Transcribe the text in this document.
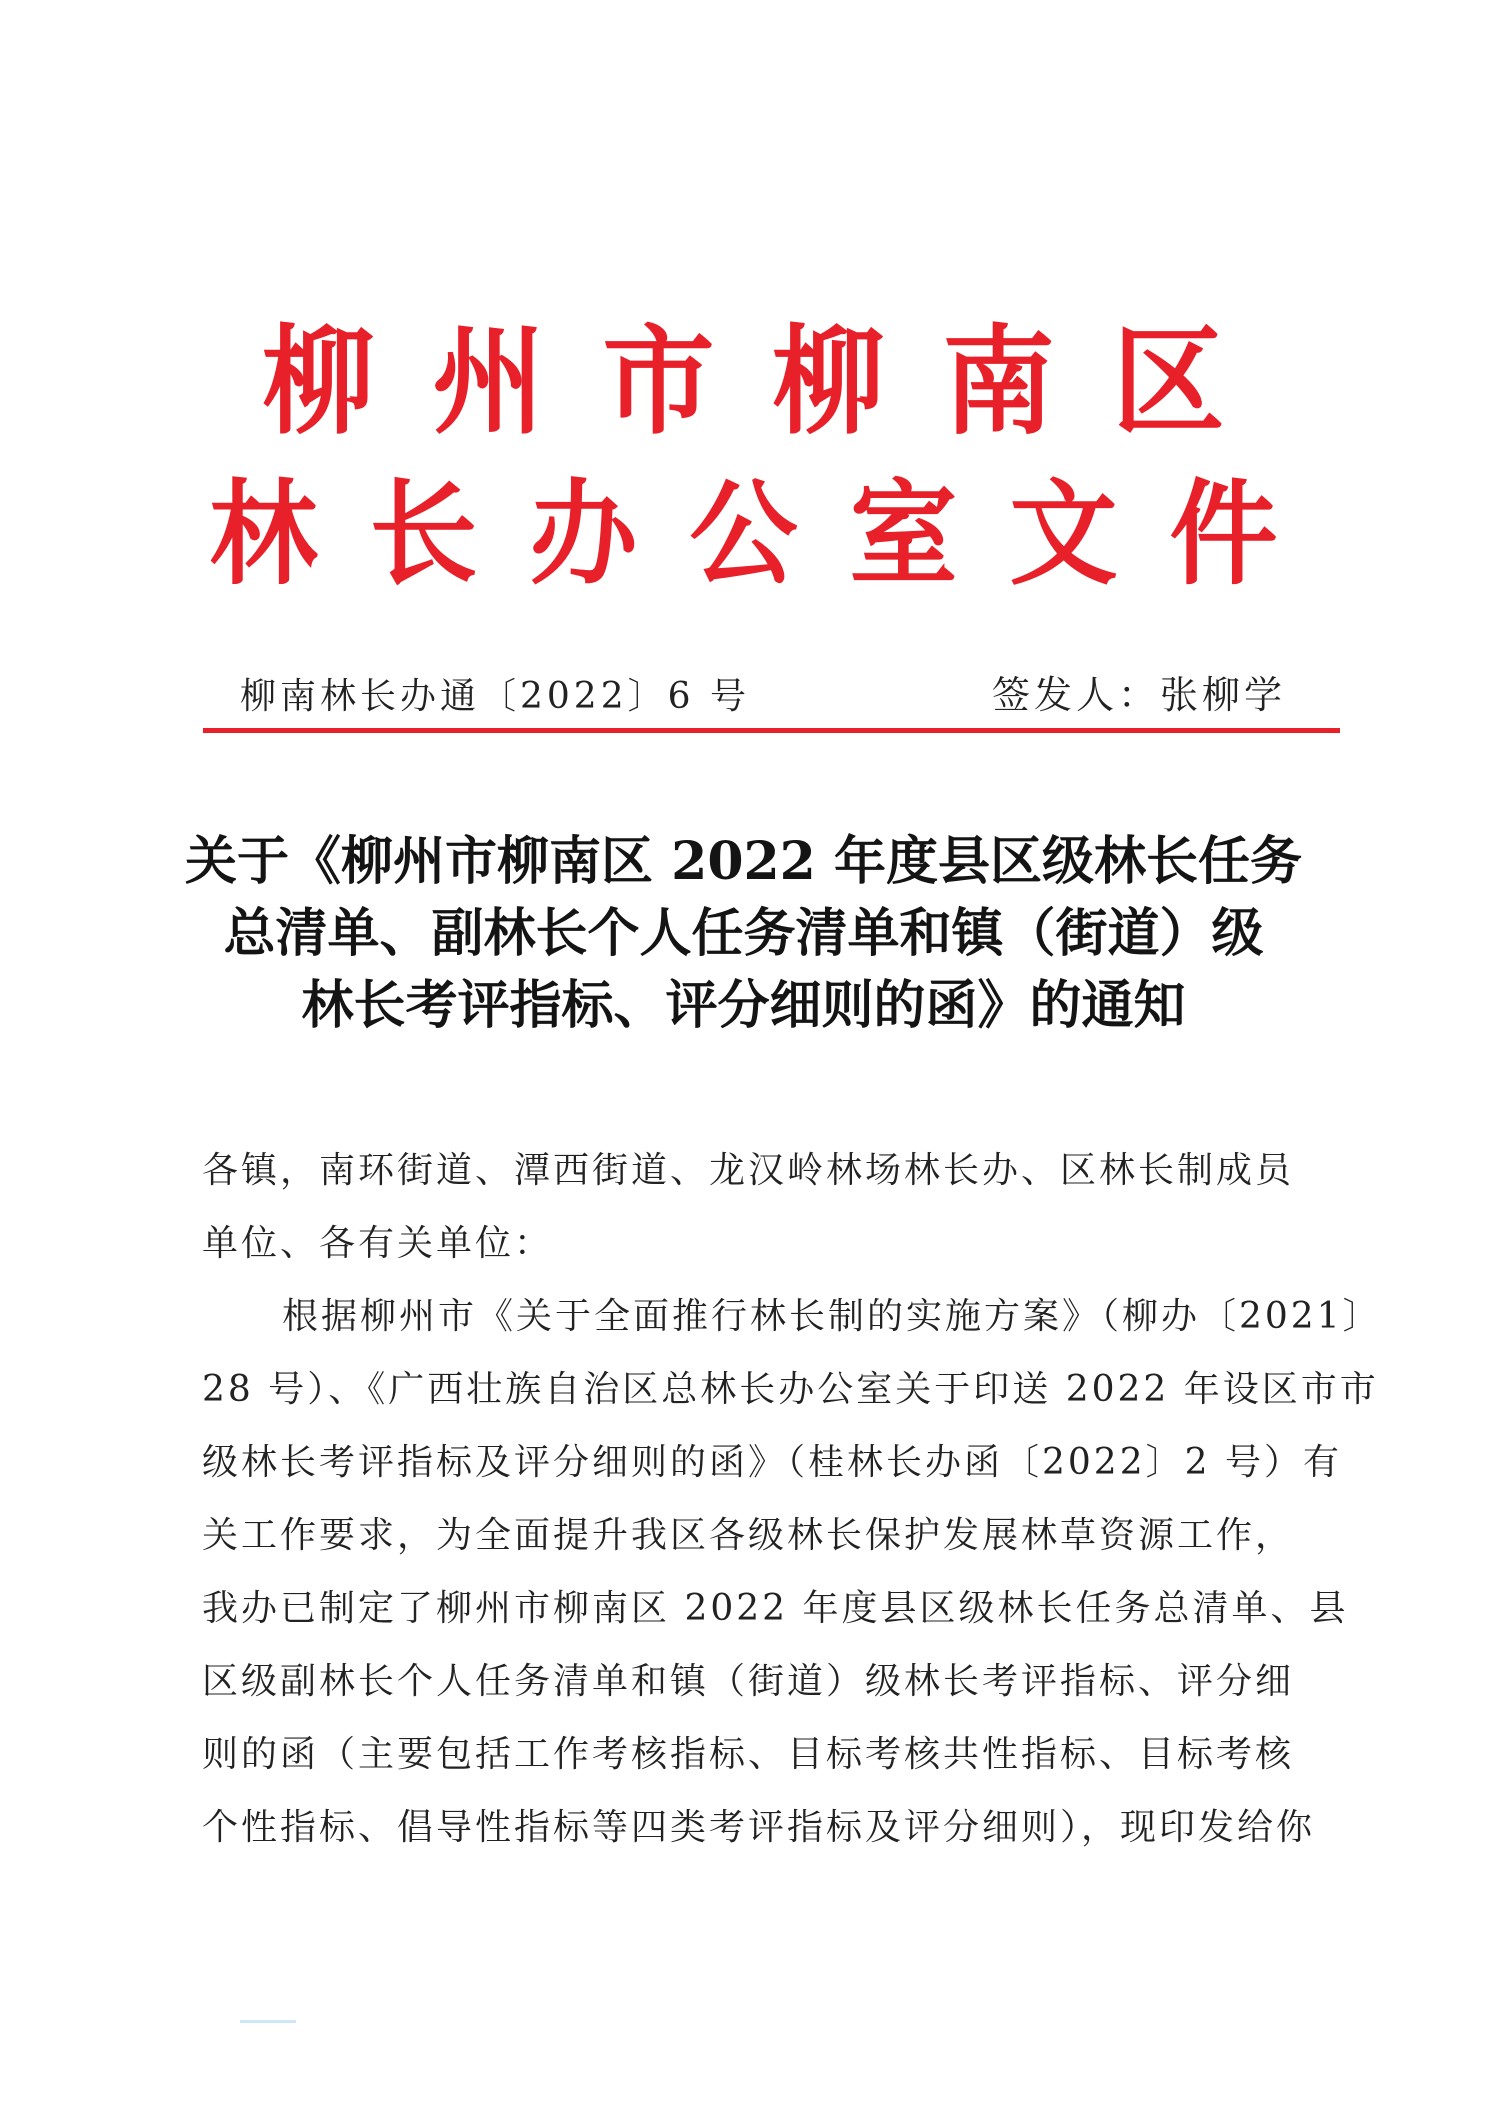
柳州市柳南区
林长办公室文件
柳南林长办通〔2022〕6 号	签发人：张柳学
关于《柳州市柳南区 2022 年度县区级林长任务
总清单、副林长个人任务清单和镇（街道）级
林长考评指标、评分细则的函》的通知

各镇，南环街道、潭西街道、龙汉岭林场林长办、区林长制成员
单位、各有关单位：

根据柳州市《关于全面推行林长制的实施方案》（柳办〔2021〕
28 号）、《广西壮族自治区总林长办公室关于印送 2022 年设区市市
级林长考评指标及评分细则的函》（桂林长办函〔2022〕2 号）有
关工作要求，为全面提升我区各级林长保护发展林草资源工作，
我办已制定了柳州市柳南区 2022 年度县区级林长任务总清单、县
区级副林长个人任务清单和镇（街道）级林长考评指标、评分细
则的函（主要包括工作考核指标、目标考核共性指标、目标考核
个性指标、倡导性指标等四类考评指标及评分细则），现印发给你
